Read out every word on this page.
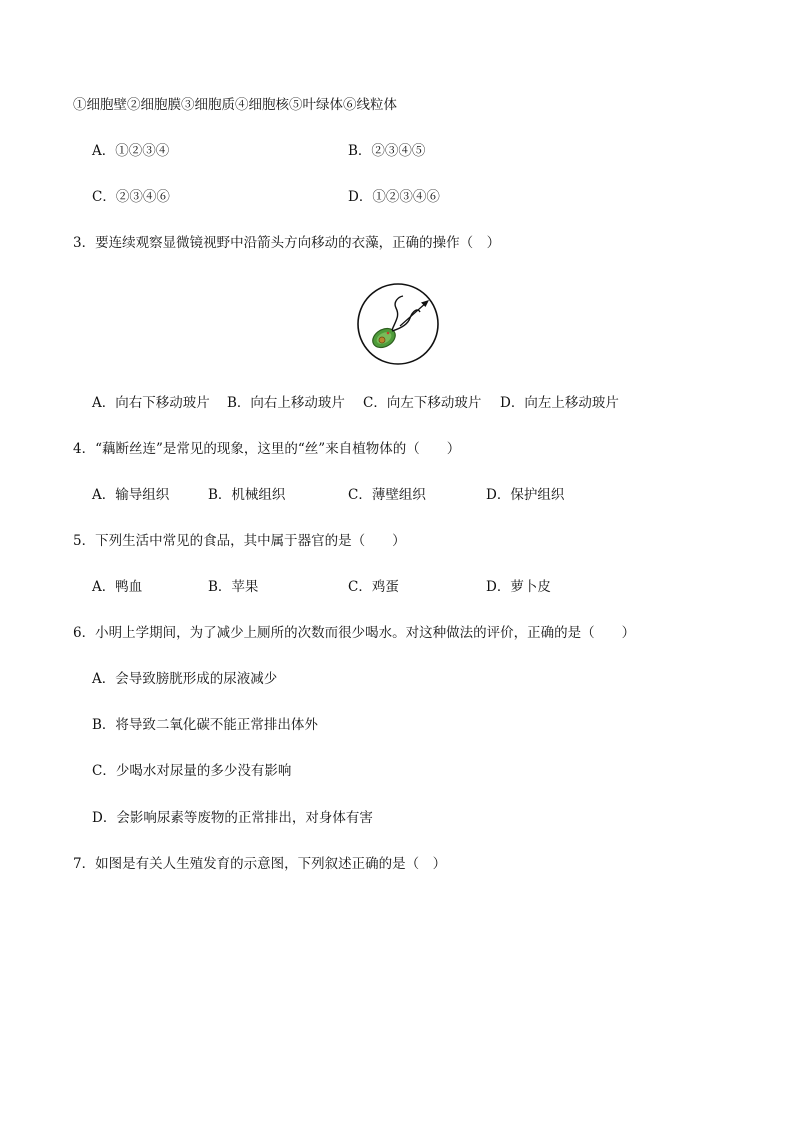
①细胞壁②细胞膜③细胞质④细胞核⑤叶绿体⑥线粒体
A．①②③④	B．②③④⑤
C．②③④⑥	D．①②③④⑥
3．要连续观察显微镜视野中沿箭头方向移动的衣藻，正确的操作（　）
A．向右下移动玻片 B．向右上移动玻片 C．向左下移动玻片 D．向左上移动玻片
4．“藕断丝连”是常见的现象，这里的“丝”来自植物体的（　　）
A．输导组织	B．机械组织	C．薄壁组织	D．保护组织
5．下列生活中常见的食品，其中属于器官的是（　　）
A．鸭血	B．苹果	C．鸡蛋	D．萝卜皮
6．小明上学期间，为了减少上厕所的次数而很少喝水。对这种做法的评价，正确的是（　　）
A．会导致膀胱形成的尿液减少
B．将导致二氧化碳不能正常排出体外
C．少喝水对尿量的多少没有影响
D．会影响尿素等废物的正常排出，对身体有害
7．如图是有关人生殖发育的示意图，下列叙述正确的是（　）
